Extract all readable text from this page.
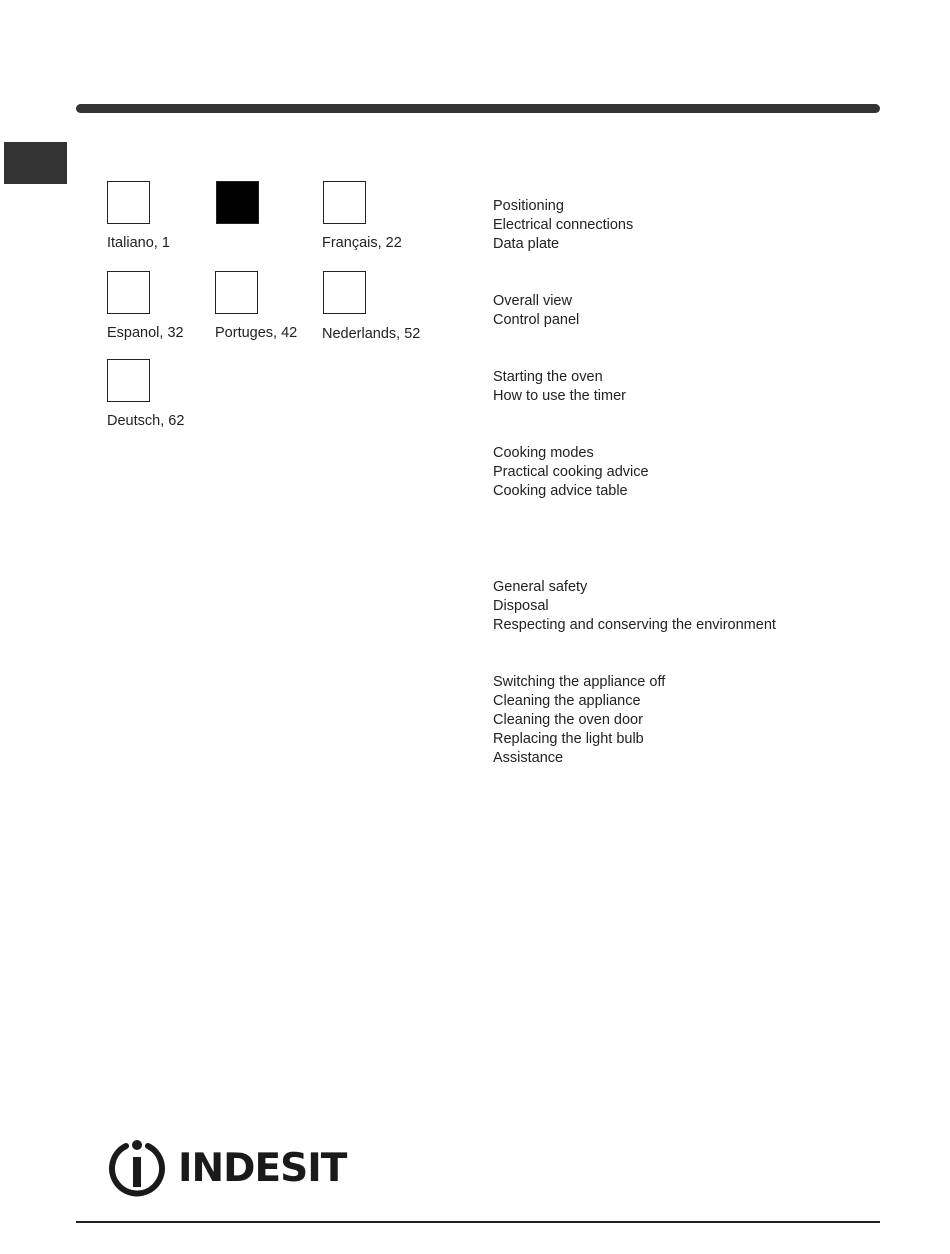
Italiano, 1	Français, 22
Espanol, 32 Portuges, 42 Nederlands, 52
Deutsch, 62
Positioning
Electrical connections
Data plate
Overall view
Control panel
Starting the oven
How to use the timer
Cooking modes
Practical cooking advice
Cooking advice table
General safety
Disposal
Respecting and conserving the environment
Switching the appliance off
Cleaning the appliance
Cleaning the oven door
Replacing the light bulb
Assistance
INDESIT
